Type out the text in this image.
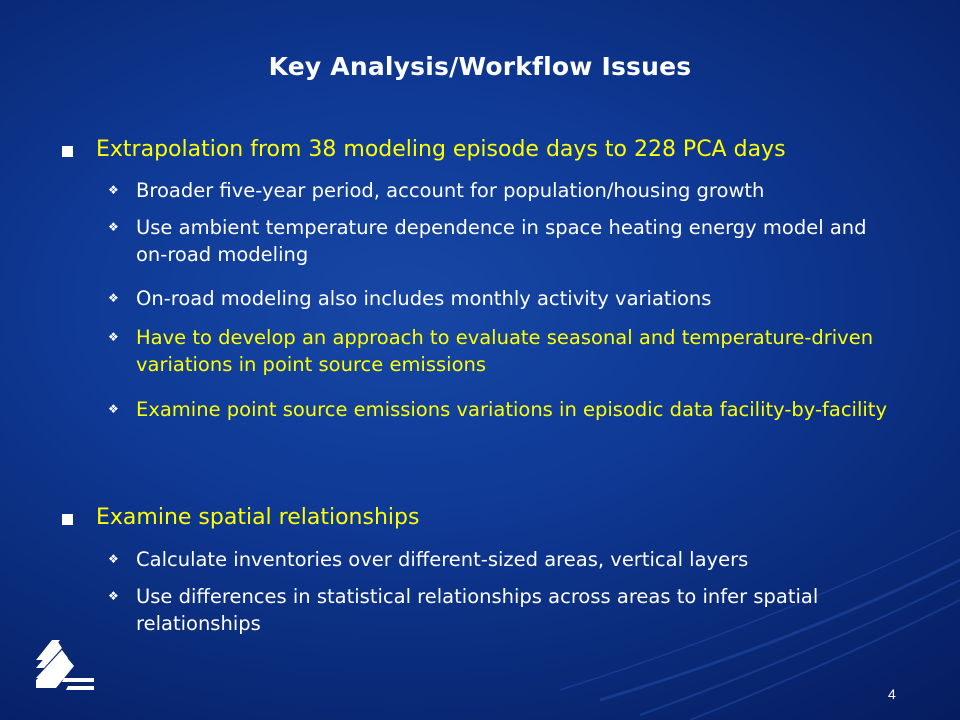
Key Analysis/Workflow Issues
Extrapolation from 38 modeling episode days to 228 PCA days
❖ Broader five-year period, account for population/housing growth
❖ Use ambient temperature dependence in space heating energy model and on-road modeling
❖ On-road modeling also includes monthly activity variations
❖ Have to develop an approach to evaluate seasonal and temperature-driven variations in point source emissions
❖ Examine point source emissions variations in episodic data facility-by-facility
Examine spatial relationships
❖ Calculate inventories over different-sized areas, vertical layers
❖ Use differences in statistical relationships across areas to infer spatial relationships
4
